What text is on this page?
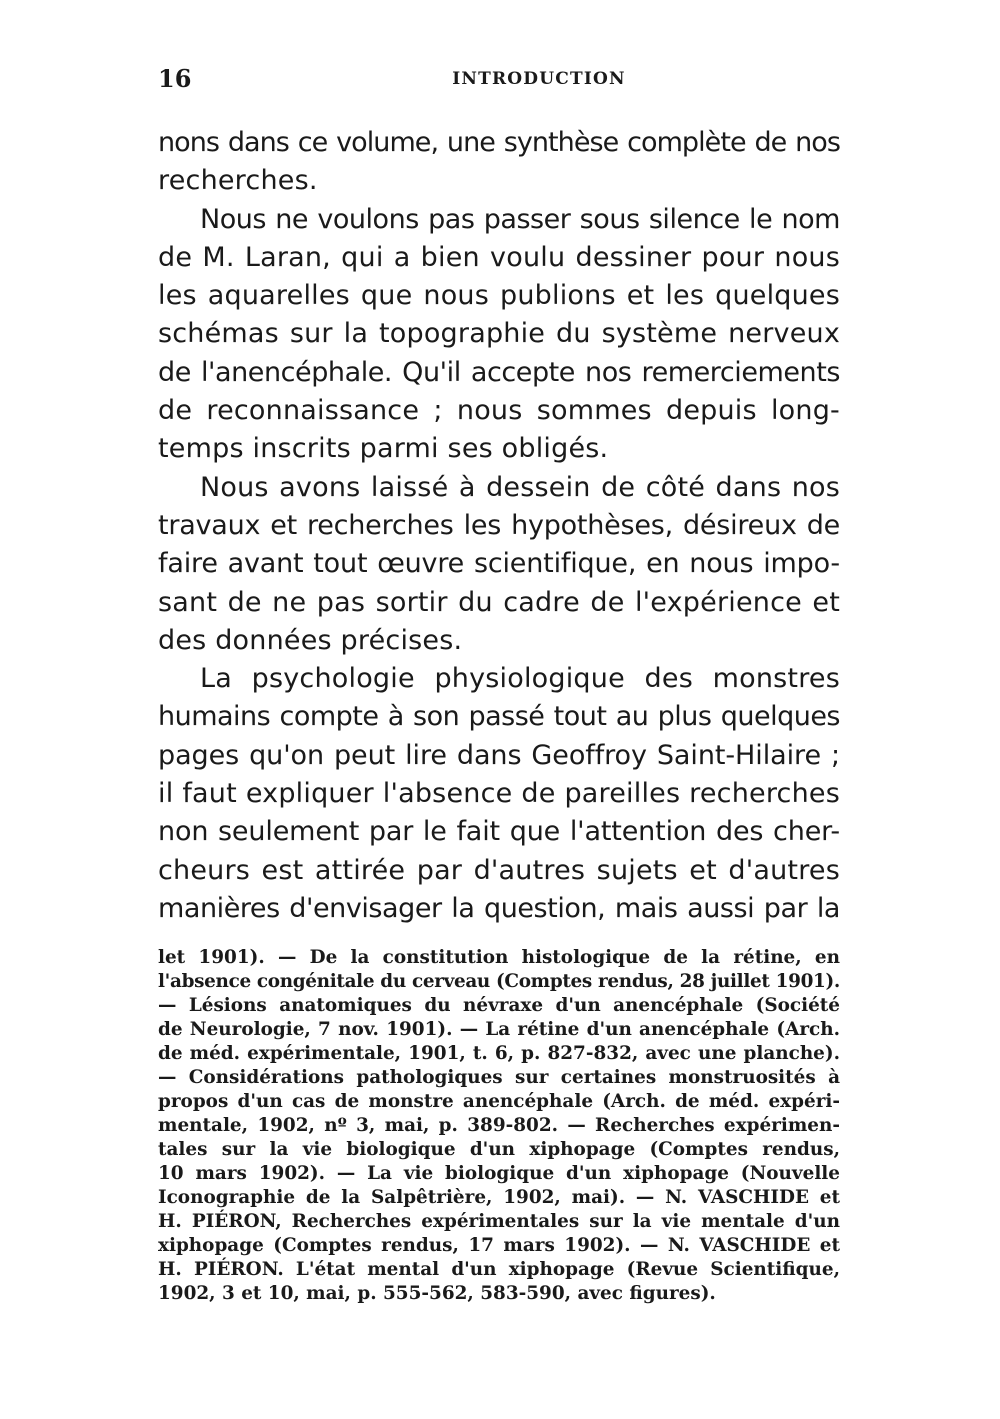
16	INTRODUCTION
nons dans ce volume, une synthèse complète de nos
recherches.
Nous ne voulons pas passer sous silence le nom
de M. Laran, qui a bien voulu dessiner pour nous
les aquarelles que nous publions et les quelques
schémas sur la topographie du système nerveux
de l'anencéphale. Qu'il accepte nos remerciements
de reconnaissance ; nous sommes depuis long-
temps inscrits parmi ses obligés.
Nous avons laissé à dessein de côté dans nos
travaux et recherches les hypothèses, désireux de
faire avant tout œuvre scientifique, en nous impo-
sant de ne pas sortir du cadre de l'expérience et
des données précises.
La psychologie physiologique des monstres
humains compte à son passé tout au plus quelques
pages qu'on peut lire dans Geoffroy Saint-Hilaire ;
il faut expliquer l'absence de pareilles recherches
non seulement par le fait que l'attention des cher-
cheurs est attirée par d'autres sujets et d'autres
manières d'envisager la question, mais aussi par la
let 1901). — De la constitution histologique de la rétine, en
l'absence congénitale du cerveau (Comptes rendus, 28 juillet 1901).
— Lésions anatomiques du névraxe d'un anencéphale (Société
de Neurologie, 7 nov. 1901). — La rétine d'un anencéphale (Arch.
de méd. expérimentale, 1901, t. 6, p. 827-832, avec une planche).
— Considérations pathologiques sur certaines monstruosités à
propos d'un cas de monstre anencéphale (Arch. de méd. expéri-
mentale, 1902, nº 3, mai, p. 389-802. — Recherches expérimen-
tales sur la vie biologique d'un xiphopage (Comptes rendus,
10 mars 1902). — La vie biologique d'un xiphopage (Nouvelle
Iconographie de la Salpêtrière, 1902, mai). — N. VASCHIDE et
H. PIÉRON, Recherches expérimentales sur la vie mentale d'un
xiphopage (Comptes rendus, 17 mars 1902). — N. VASCHIDE et
H. PIÉRON. L'état mental d'un xiphopage (Revue Scientifique,
1902, 3 et 10, mai, p. 555-562, 583-590, avec figures).
